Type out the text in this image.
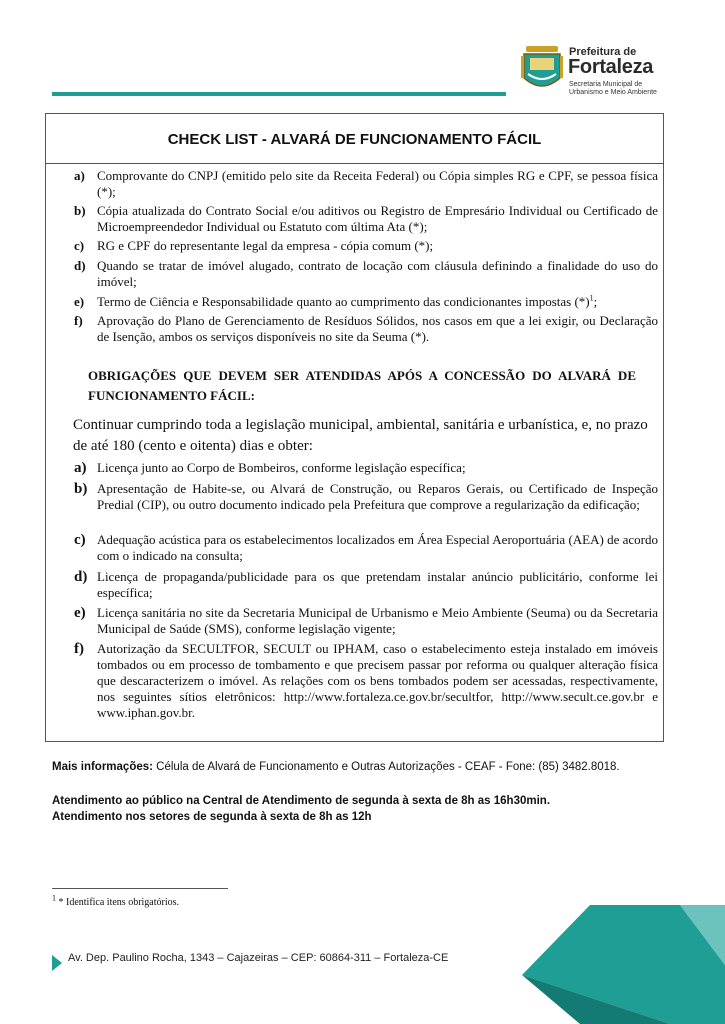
Prefeitura de
Fortaleza
Secretaria Municipal de Urbanismo e Meio Ambiente
CHECK LIST - ALVARÁ DE FUNCIONAMENTO FÁCIL
a) Comprovante do CNPJ (emitido pelo site da Receita Federal) ou Cópia simples RG e CPF, se pessoa física (*);
b) Cópia atualizada do Contrato Social e/ou aditivos ou Registro de Empresário Individual ou Certificado de Microempreendedor Individual ou Estatuto com última Ata (*);
c) RG e CPF do representante legal da empresa - cópia comum (*);
d) Quando se tratar de imóvel alugado, contrato de locação com cláusula definindo a finalidade do uso do imóvel;
e) Termo de Ciência e Responsabilidade quanto ao cumprimento das condicionantes impostas $(*)^1$;
f) Aprovação do Plano de Gerenciamento de Resíduos Sólidos, nos casos em que a lei exigir, ou Declaração de Isenção, ambos os serviços disponíveis no site da Seuma (*).
OBRIGAÇÕES QUE DEVEM SER ATENDIDAS APÓS A CONCESSÃO DO ALVARÁ DE FUNCIONAMENTO FÁCIL:
Continuar cumprindo toda a legislação municipal, ambiental, sanitária e urbanística, e, no prazo de até 180 (cento e oitenta) dias e obter:
a) Licença junto ao Corpo de Bombeiros, conforme legislação específica;
b) Apresentação de Habite-se, ou Alvará de Construção, ou Reparos Gerais, ou Certificado de Inspeção Predial (CIP), ou outro documento indicado pela Prefeitura que comprove a regularização da edificação;
c) Adequação acústica para os estabelecimentos localizados em Área Especial Aeroportuária (AEA) de acordo com o indicado na consulta;
d) Licença de propaganda/publicidade para os que pretendam instalar anúncio publicitário, conforme lei específica;
e) Licença sanitária no site da Secretaria Municipal de Urbanismo e Meio Ambiente (Seuma) ou da Secretaria Municipal de Saúde (SMS), conforme legislação vigente;
f) Autorização da SECULTFOR, SECULT ou IPHAM, caso o estabelecimento esteja instalado em imóveis tombados ou em processo de tombamento e que precisem passar por reforma ou qualquer alteração física que descaracterizem o imóvel. As relações com os bens tombados podem ser acessadas, respectivamente, nos seguintes sítios eletrônicos: http://www.fortaleza.ce.gov.br/secultfor, http://www.secult.ce.gov.br e www.iphan.gov.br.
Mais informações: Célula de Alvará de Funcionamento e Outras Autorizações - CEAF - Fone: (85) 3482.8018.
Atendimento ao público na Central de Atendimento de segunda à sexta de 8h as 16h30min.
Atendimento nos setores de segunda à sexta de 8h as 12h
$^1$ * Identifica itens obrigatórios.
Av. Dep. Paulino Rocha, 1343 – Cajazeiras – CEP: 60864-311 – Fortaleza-CE
